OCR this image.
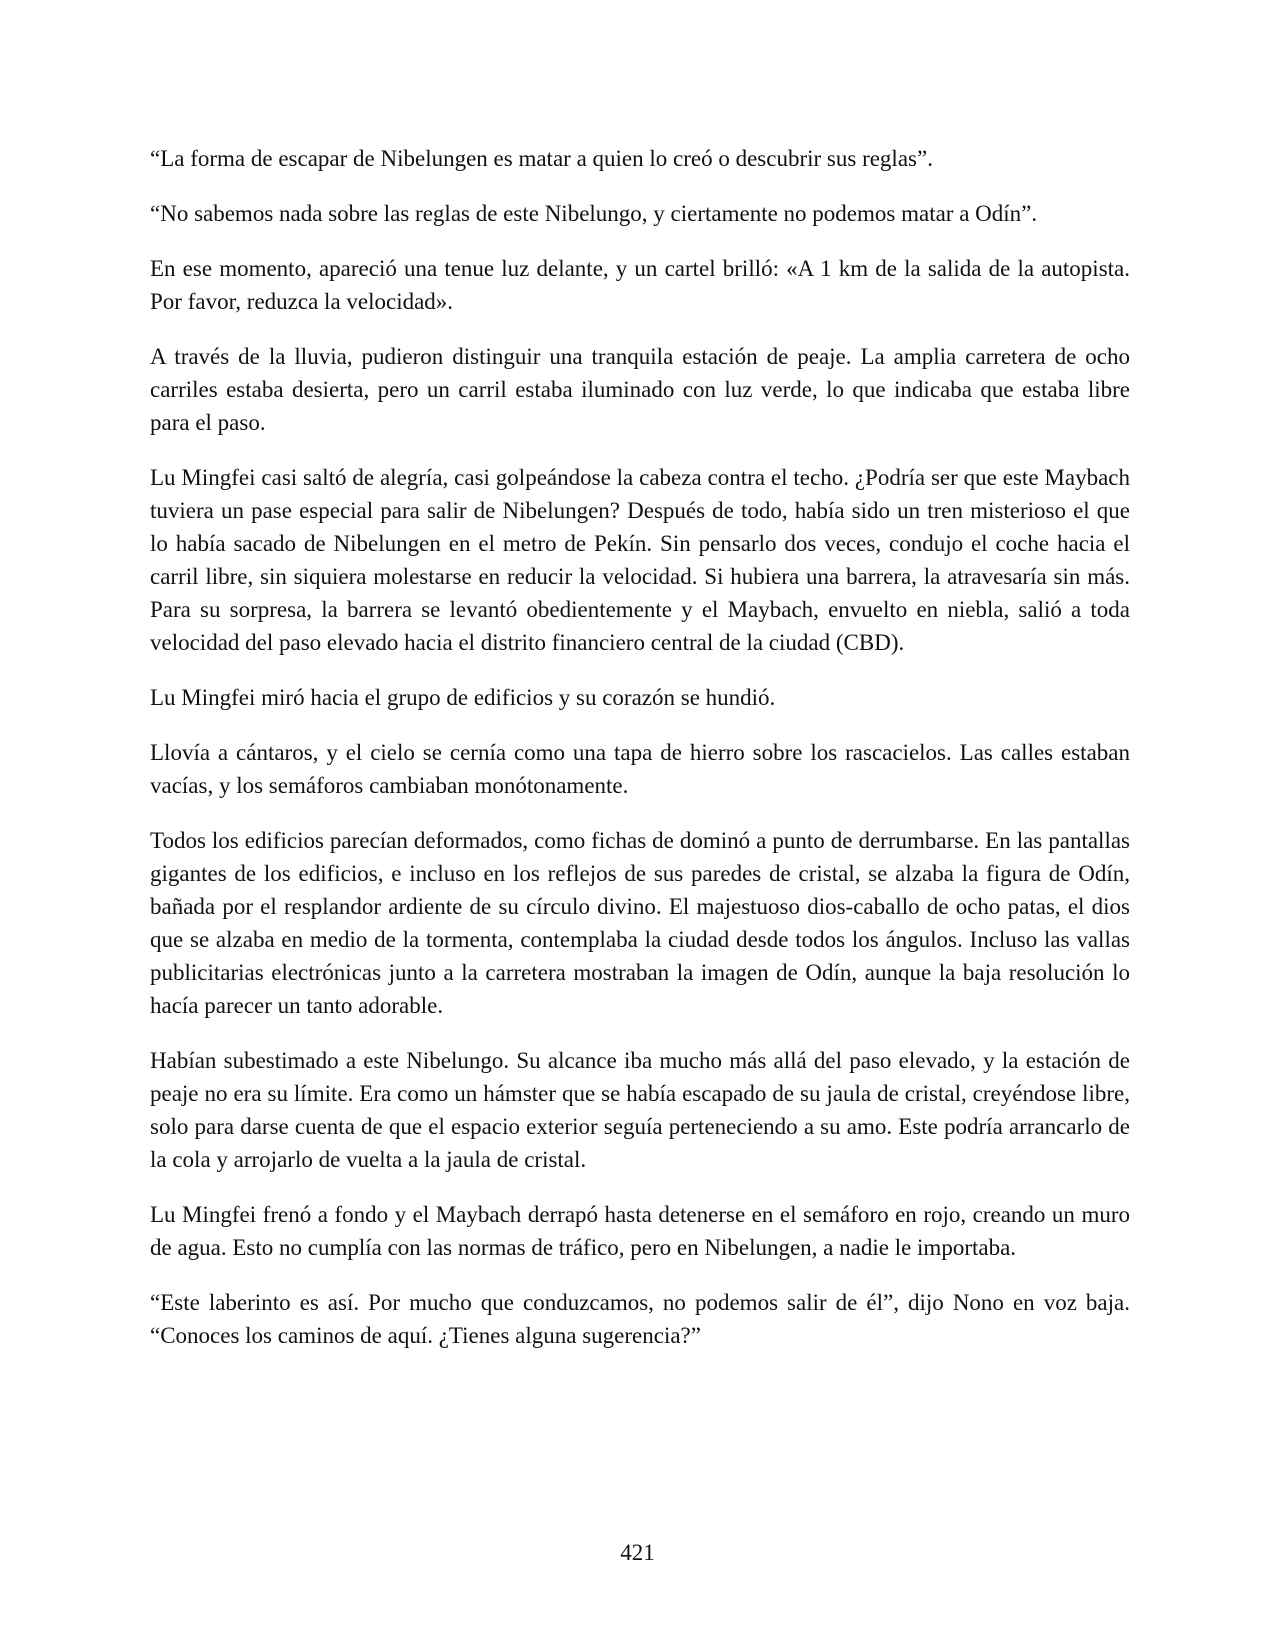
“La forma de escapar de Nibelungen es matar a quien lo creó o descubrir sus reglas”.

“No sabemos nada sobre las reglas de este Nibelungo, y ciertamente no podemos matar a Odín”.

En ese momento, apareció una tenue luz delante, y un cartel brilló: «A 1 km de la salida de la autopista. Por favor, reduzca la velocidad».

A través de la lluvia, pudieron distinguir una tranquila estación de peaje. La amplia carretera de ocho carriles estaba desierta, pero un carril estaba iluminado con luz verde, lo que indicaba que estaba libre para el paso.

Lu Mingfei casi saltó de alegría, casi golpeándose la cabeza contra el techo. ¿Podría ser que este Maybach tuviera un pase especial para salir de Nibelungen? Después de todo, había sido un tren misterioso el que lo había sacado de Nibelungen en el metro de Pekín. Sin pensarlo dos veces, condujo el coche hacia el carril libre, sin siquiera molestarse en reducir la velocidad. Si hubiera una barrera, la atravesaría sin más. Para su sorpresa, la barrera se levantó obedientemente y el Maybach, envuelto en niebla, salió a toda velocidad del paso elevado hacia el distrito financiero central de la ciudad (CBD).

Lu Mingfei miró hacia el grupo de edificios y su corazón se hundió.

Llovía a cántaros, y el cielo se cernía como una tapa de hierro sobre los rascacielos. Las calles estaban vacías, y los semáforos cambiaban monótonamente.

Todos los edificios parecían deformados, como fichas de dominó a punto de derrumbarse. En las pantallas gigantes de los edificios, e incluso en los reflejos de sus paredes de cristal, se alzaba la figura de Odín, bañada por el resplandor ardiente de su círculo divino. El majestuoso dios-caballo de ocho patas, el dios que se alzaba en medio de la tormenta, contemplaba la ciudad desde todos los ángulos. Incluso las vallas publicitarias electrónicas junto a la carretera mostraban la imagen de Odín, aunque la baja resolución lo hacía parecer un tanto adorable.

Habían subestimado a este Nibelungo. Su alcance iba mucho más allá del paso elevado, y la estación de peaje no era su límite. Era como un hámster que se había escapado de su jaula de cristal, creyéndose libre, solo para darse cuenta de que el espacio exterior seguía perteneciendo a su amo. Este podría arrancarlo de la cola y arrojarlo de vuelta a la jaula de cristal.

Lu Mingfei frenó a fondo y el Maybach derrapó hasta detenerse en el semáforo en rojo, creando un muro de agua. Esto no cumplía con las normas de tráfico, pero en Nibelungen, a nadie le importaba.

“Este laberinto es así. Por mucho que conduzcamos, no podemos salir de él”, dijo Nono en voz baja. “Conoces los caminos de aquí. ¿Tienes alguna sugerencia?”

421
